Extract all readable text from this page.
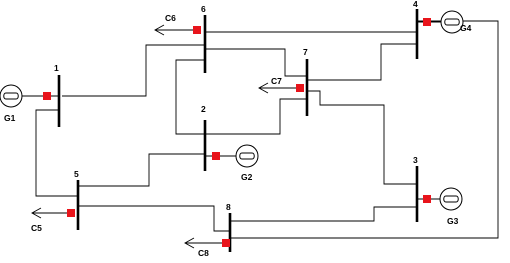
1
2
3
4
5
6
7
8
G1
G2
G3
G4
C5
C6
C7
C8
